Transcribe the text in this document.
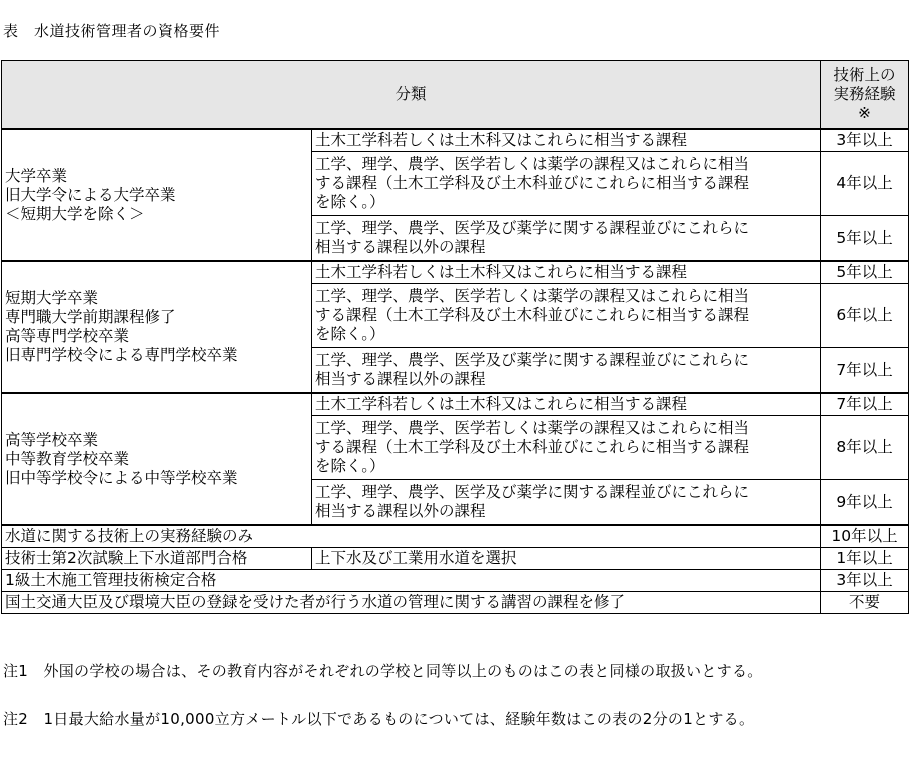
表　水道技術管理者の資格要件
分類		技術上の
実務経験
※

大学卒業
旧大学令による大学卒業
＜短期大学を除く＞	土木工学科若しくは土木科又はこれらに相当する課程	3年以上

	工学、理学、農学、医学若しくは薬学の課程又はこれらに相当
する課程（土木工学科及び土木科並びにこれらに相当する課程
を除く。）	4年以上

	工学、理学、農学、医学及び薬学に関する課程並びにこれらに
相当する課程以外の課程	5年以上

短期大学卒業
専門職大学前期課程修了
高等専門学校卒業
旧専門学校令による専門学校卒業	土木工学科若しくは土木科又はこれらに相当する課程	5年以上

	工学、理学、農学、医学若しくは薬学の課程又はこれらに相当
する課程（土木工学科及び土木科並びにこれらに相当する課程
を除く。）	6年以上

	工学、理学、農学、医学及び薬学に関する課程並びにこれらに
相当する課程以外の課程	7年以上

高等学校卒業
中等教育学校卒業
旧中等学校令による中等学校卒業	土木工学科若しくは土木科又はこれらに相当する課程	7年以上

	工学、理学、農学、医学若しくは薬学の課程又はこれらに相当
する課程（土木工学科及び土木科並びにこれらに相当する課程
を除く。）	8年以上

	工学、理学、農学、医学及び薬学に関する課程並びにこれらに
相当する課程以外の課程	9年以上
水道に関する技術上の実務経験のみ		10年以上
技術士第2次試験上下水道部門合格	上下水及び工業用水道を選択	1年以上
1級土木施工管理技術検定合格		3年以上
国土交通大臣及び環境大臣の登録を受けた者が行う水道の管理に関する講習の課程を修了		不要
注1　外国の学校の場合は、その教育内容がそれぞれの学校と同等以上のものはこの表と同様の取扱いとする。
注2　1日最大給水量が10,000立方メートル以下であるものについては、経験年数はこの表の2分の1とする。
